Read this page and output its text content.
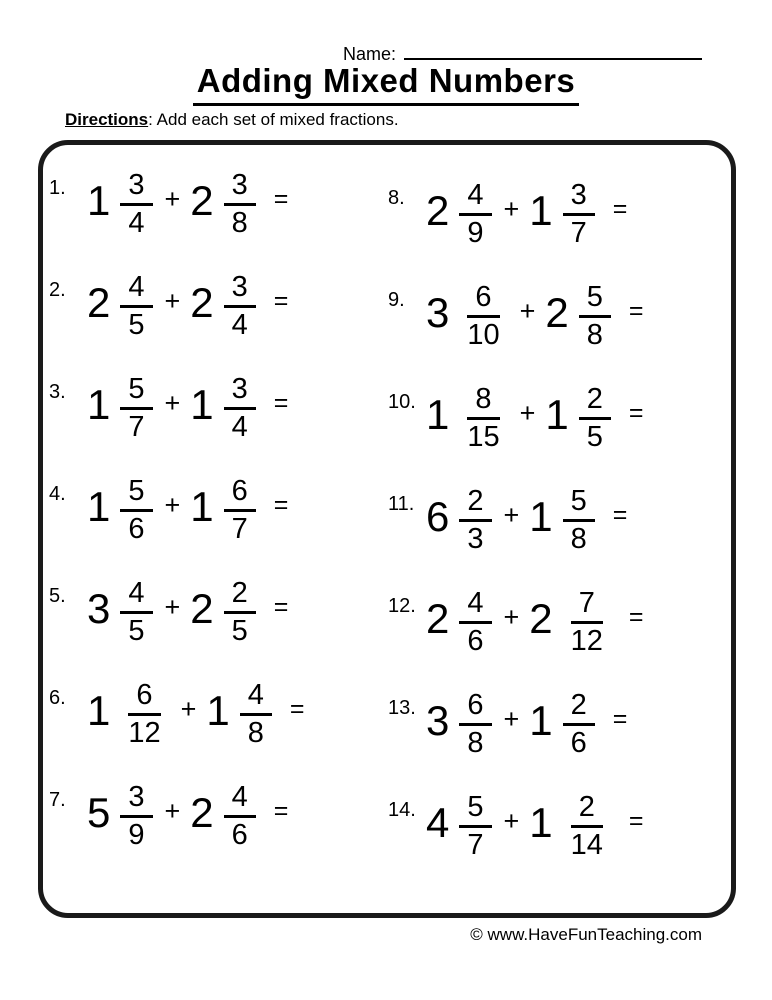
Name:
Adding Mixed Numbers
Directions: Add each set of mixed fractions.
1. $1 \frac{3}{4} + 2 \frac{3}{8}$ =
2. $2 \frac{4}{5} + 2 \frac{3}{4}$ =
3. $1 \frac{5}{7} + 1 \frac{3}{4}$ =
4. $1 \frac{5}{6} + 1 \frac{6}{7}$ =
5. $3 \frac{4}{5} + 2 \frac{2}{5}$ =
6. $1 \frac{6}{12} + 1 \frac{4}{8}$ =
7. $5 \frac{3}{9} + 2 \frac{4}{6}$ =
8. $2 \frac{4}{9} + 1 \frac{3}{7}$ =
9. $3 \frac{6}{10} + 2 \frac{5}{8}$ =
10. $1 \frac{8}{15} + 1 \frac{2}{5}$ =
11. $6 \frac{2}{3} + 1 \frac{5}{8}$ =
12. $2 \frac{4}{6} + 2 \frac{7}{12}$ =
13. $3 \frac{6}{8} + 1 \frac{2}{6}$ =
14. $4 \frac{5}{7} + 1 \frac{2}{14}$ =
© www.HaveFunTeaching.com
